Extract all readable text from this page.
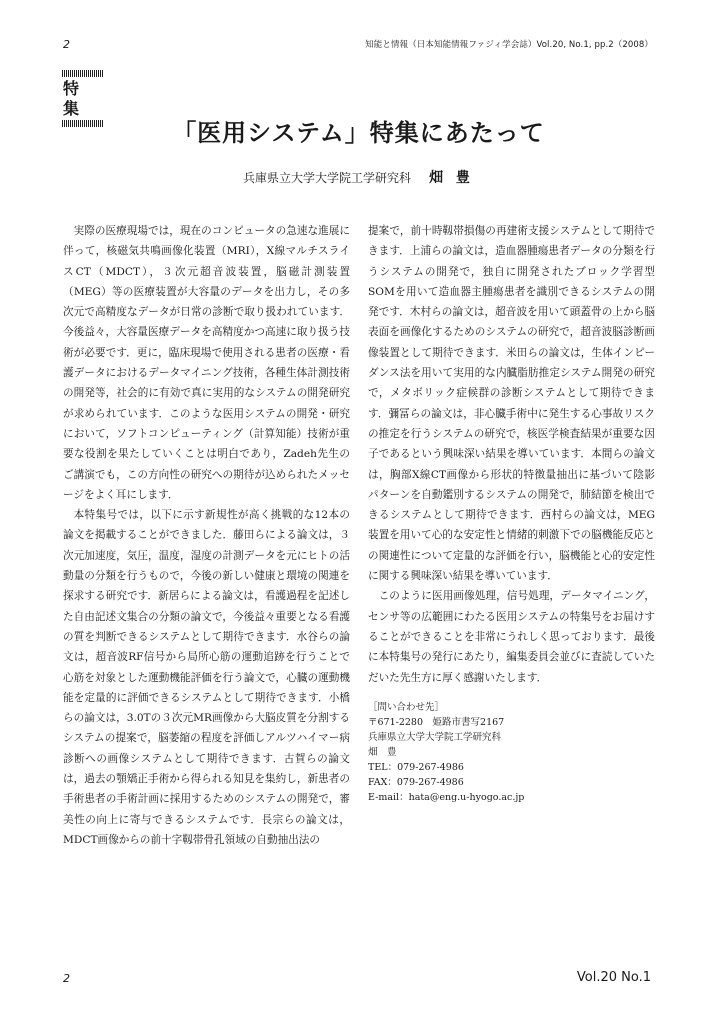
2	知能と情報（日本知能情報ファジィ学会誌）Vol.20, No.1, pp.2（2008）
特 集
「医用システム」特集にあたって
兵庫県立大学大学院工学研究科 畑 豊

実際の医療現場では，現在のコンピュータの急速な進展に伴って，核磁気共鳴画像化装置（MRI），X線マルチスライスCT（MDCT），３次元超音波装置，脳磁計測装置（MEG）等の医療装置が大容量のデータを出力し，その多次元で高精度なデータが日常の診断で取り扱われています．今後益々，大容量医療データを高精度かつ高速に取り扱う技術が必要です．更に，臨床現場で使用される患者の医療・看護データにおけるデータマイニング技術，各種生体計測技術の開発等，社会的に有効で真に実用的なシステムの開発研究が求められています．このような医用システムの開発・研究において，ソフトコンピューティング（計算知能）技術が重要な役割を果たしていくことは明白であり，Zadeh先生のご講演でも，この方向性の研究への期待が込められたメッセージをよく耳にします．

本特集号では，以下に示す新規性が高く挑戦的な12本の論文を掲載することができました．藤田らによる論文は，３次元加速度，気圧，温度，湿度の計測データを元にヒトの活動量の分類を行うもので，今後の新しい健康と環境の関連を探求する研究です．新居らによる論文は，看護過程を記述した自由記述文集合の分類の論文で，今後益々重要となる看護の質を判断できるシステムとして期待できます．水谷らの論文は，超音波RF信号から局所心筋の運動追跡を行うことで心筋を対象とした運動機能評価を行う論文で，心臓の運動機能を定量的に評価できるシステムとして期待できます．小橋らの論文は，3.0Tの３次元MR画像から大脳皮質を分割するシステムの提案で，脳萎縮の程度を評価しアルツハイマー病診断への画像システムとして期待できます．古賀らの論文は，過去の顎矯正手術から得られる知見を集約し，新患者の手術患者の手術計画に採用するためのシステムの開発で，審美性の向上に寄与できるシステムです．長宗らの論文は，MDCT画像からの前十字靱帯骨孔領域の自動抽出法の

提案で，前十時靱帯損傷の再建術支援システムとして期待できます．上浦らの論文は，造血器腫瘍患者データの分類を行うシステムの開発で，独自に開発されたブロック学習型SOMを用いて造血器主腫瘍患者を識別できるシステムの開発です．木村らの論文は，超音波を用いて頭蓋骨の上から脳表面を画像化するためのシステムの研究で，超音波脳診断画像装置として期待できます．米田らの論文は，生体インピーダンス法を用いて実用的な内臓脂肪推定システム開発の研究で，メタボリック症候群の診断システムとして期待できます．彌冨らの論文は，非心臓手術中に発生する心事故リスクの推定を行うシステムの研究で，核医学検査結果が重要な因子であるという興味深い結果を導いています．本間らの論文は，胸部X線CT画像から形状的特徴量抽出に基づいて陰影パターンを自動鑑別するシステムの開発で，肺結節を検出できるシステムとして期待できます．西村らの論文は，MEG装置を用いて心的な安定性と情緒的刺激下での脳機能反応との関連性について定量的な評価を行い，脳機能と心的安定性に関する興味深い結果を導いています．

このように医用画像処理，信号処理，データマイニング，センサ等の広範囲にわたる医用システムの特集号をお届けすることができることを非常にうれしく思っております．最後に本特集号の発行にあたり，編集委員会並びに査読していただいた先生方に厚く感謝いたします．

［問い合わせ先］
〒671-2280　姫路市書写2167
兵庫県立大学大学院工学研究科
畑　豊
TEL：079-267-4986
FAX：079-267-4986
E-mail：hata@eng.u-hyogo.ac.jp
2	Vol.20 No.1
